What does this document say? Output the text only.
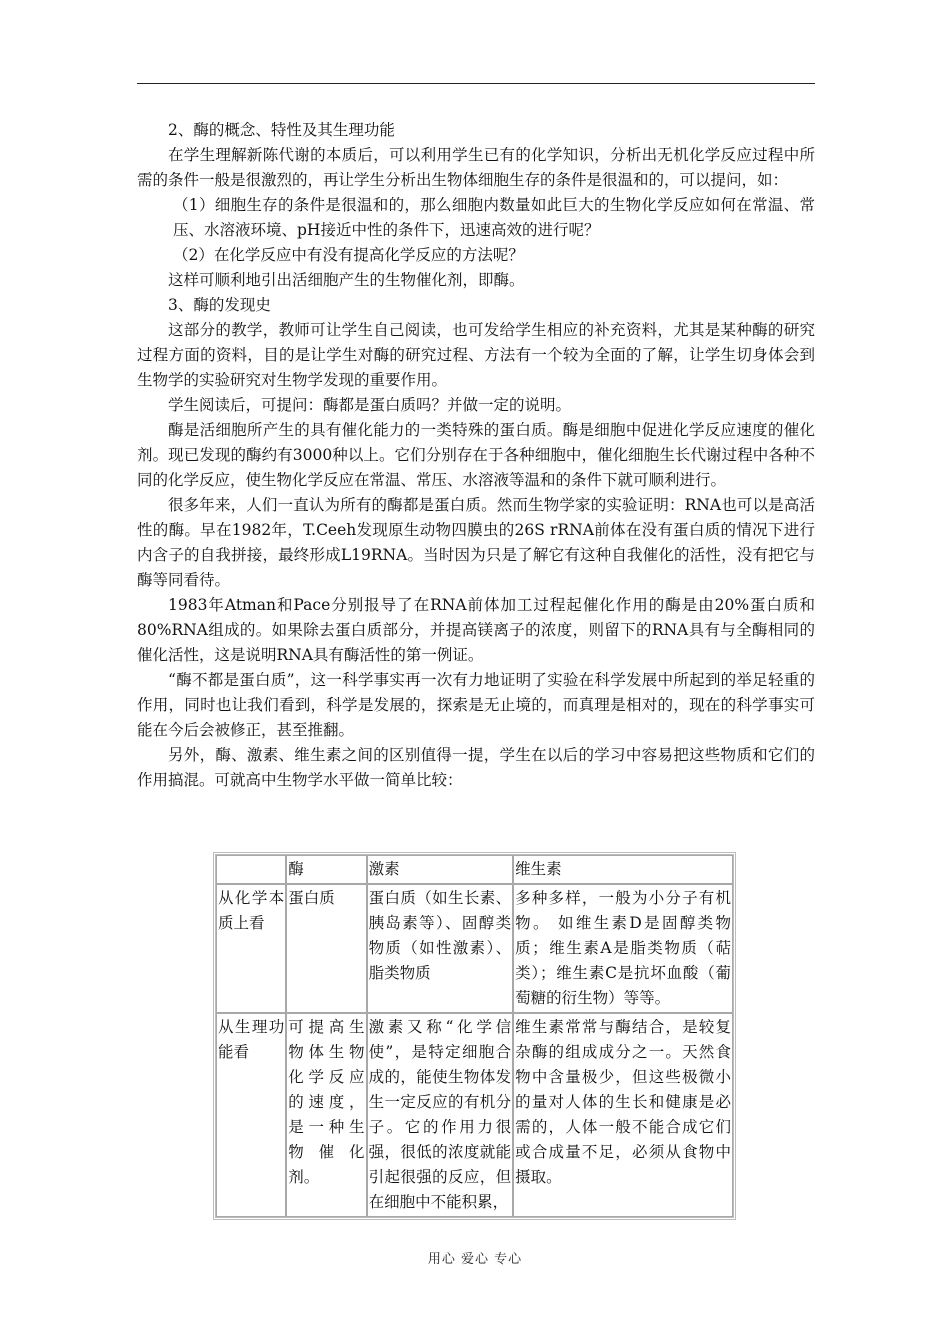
2、酶的概念、特性及其生理功能

在学生理解新陈代谢的本质后，可以利用学生已有的化学知识，分析出无机化学反应过程中所需的条件一般是很激烈的，再让学生分析出生物体细胞生存的条件是很温和的，可以提问，如：

（1）细胞生存的条件是很温和的，那么细胞内数量如此巨大的生物化学反应如何在常温、常压、水溶液环境、pH接近中性的条件下，迅速高效的进行呢？

（2）在化学反应中有没有提高化学反应的方法呢？

这样可顺利地引出活细胞产生的生物催化剂，即酶。

3、酶的发现史

这部分的教学，教师可让学生自己阅读，也可发给学生相应的补充资料，尤其是某种酶的研究过程方面的资料，目的是让学生对酶的研究过程、方法有一个较为全面的了解，让学生切身体会到生物学的实验研究对生物学发现的重要作用。

学生阅读后，可提问：酶都是蛋白质吗？并做一定的说明。

酶是活细胞所产生的具有催化能力的一类特殊的蛋白质。酶是细胞中促进化学反应速度的催化剂。现已发现的酶约有3000种以上。它们分别存在于各种细胞中，催化细胞生长代谢过程中各种不同的化学反应，使生物化学反应在常温、常压、水溶液等温和的条件下就可顺利进行。

很多年来，人们一直认为所有的酶都是蛋白质。然而生物学家的实验证明：RNA也可以是高活性的酶。早在1982年，T.Ceeh发现原生动物四膜虫的26S rRNA前体在没有蛋白质的情况下进行内含子的自我拼接，最终形成L19RNA。当时因为只是了解它有这种自我催化的活性，没有把它与酶等同看待。

1983年Atman和Pace分别报导了在RNA前体加工过程起催化作用的酶是由20%蛋白质和80%RNA组成的。如果除去蛋白质部分，并提高镁离子的浓度，则留下的RNA具有与全酶相同的催化活性，这是说明RNA具有酶活性的第一例证。

“酶不都是蛋白质”，这一科学事实再一次有力地证明了实验在科学发展中所起到的举足轻重的作用，同时也让我们看到，科学是发展的，探索是无止境的，而真理是相对的，现在的科学事实可能在今后会被修正，甚至推翻。

另外，酶、激素、维生素之间的区别值得一提，学生在以后的学习中容易把这些物质和它们的作用搞混。可就高中生物学水平做一简单比较：

	酶	激素	维生素
从化学本质上看	蛋白质	蛋白质（如生长素、胰岛素等）、固醇类物质（如性激素）、脂类物质	多种多样，一般为小分子有机物。 如维生素D是固醇类物质；维生素A是脂类物质（萜类）；维生素C是抗坏血酸（葡萄糖的衍生物）等等。
从生理功能看	可提高生物体生物化学反应的速度，是一种生物催化剂。	激素又称“化学信使”，是特定细胞合成的，能使生物体发生一定反应的有机分子。它的作用力很强，很低的浓度就能引起很强的反应，但在细胞中不能积累，	维生素常常与酶结合，是较复杂酶的组成成分之一。天然食物中含量极少，但这些极微小的量对人体的生长和健康是必需的，人体一般不能合成它们或合成量不足，必须从食物中摄取。
用心 爱心 专心
